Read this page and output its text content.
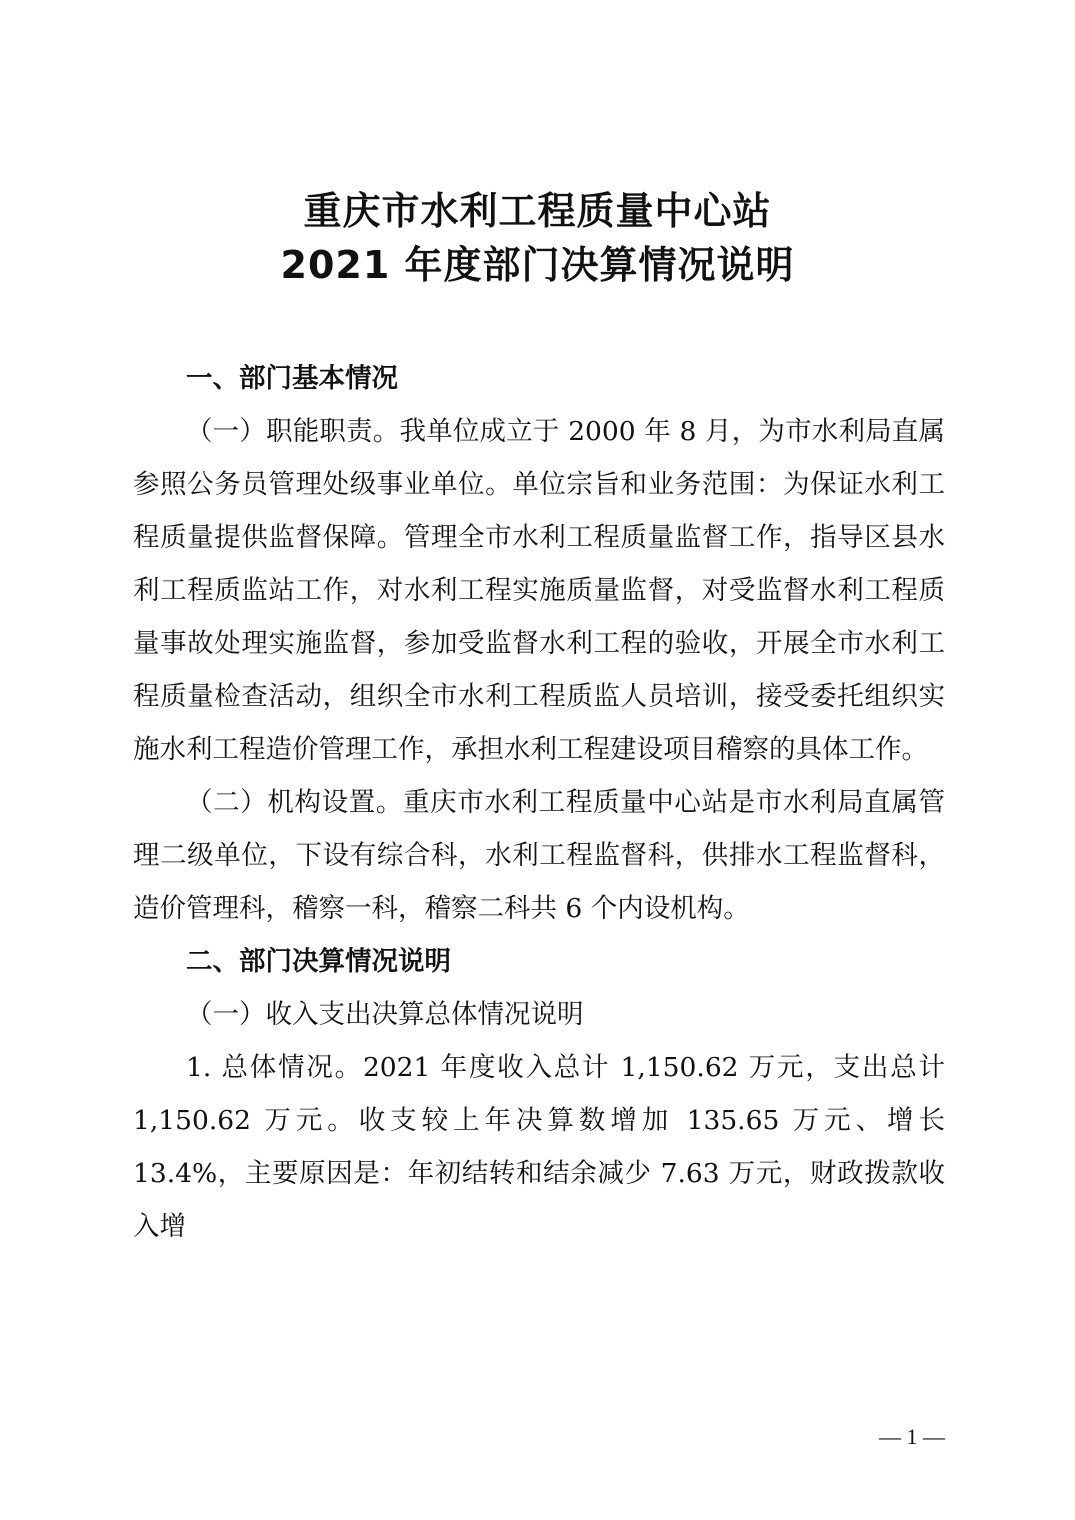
重庆市水利工程质量中心站
2021 年度部门决算情况说明

一、部门基本情况

（一）职能职责。我单位成立于 2000 年 8 月，为市水利局直属参照公务员管理处级事业单位。单位宗旨和业务范围：为保证水利工程质量提供监督保障。管理全市水利工程质量监督工作，指导区县水利工程质监站工作，对水利工程实施质量监督，对受监督水利工程质量事故处理实施监督，参加受监督水利工程的验收，开展全市水利工程质量检查活动，组织全市水利工程质监人员培训，接受委托组织实施水利工程造价管理工作，承担水利工程建设项目稽察的具体工作。

（二）机构设置。重庆市水利工程质量中心站是市水利局直属管理二级单位，下设有综合科，水利工程监督科，供排水工程监督科，造价管理科，稽察一科，稽察二科共 6 个内设机构。

二、部门决算情况说明

（一）收入支出决算总体情况说明

1. 总体情况。2021 年度收入总计 1,150.62 万元，支出总计 1,150.62 万元。收支较上年决算数增加 135.65 万元、增长 13.4%，主要原因是：年初结转和结余减少 7.63 万元，财政拨款收入增

— 1 —
